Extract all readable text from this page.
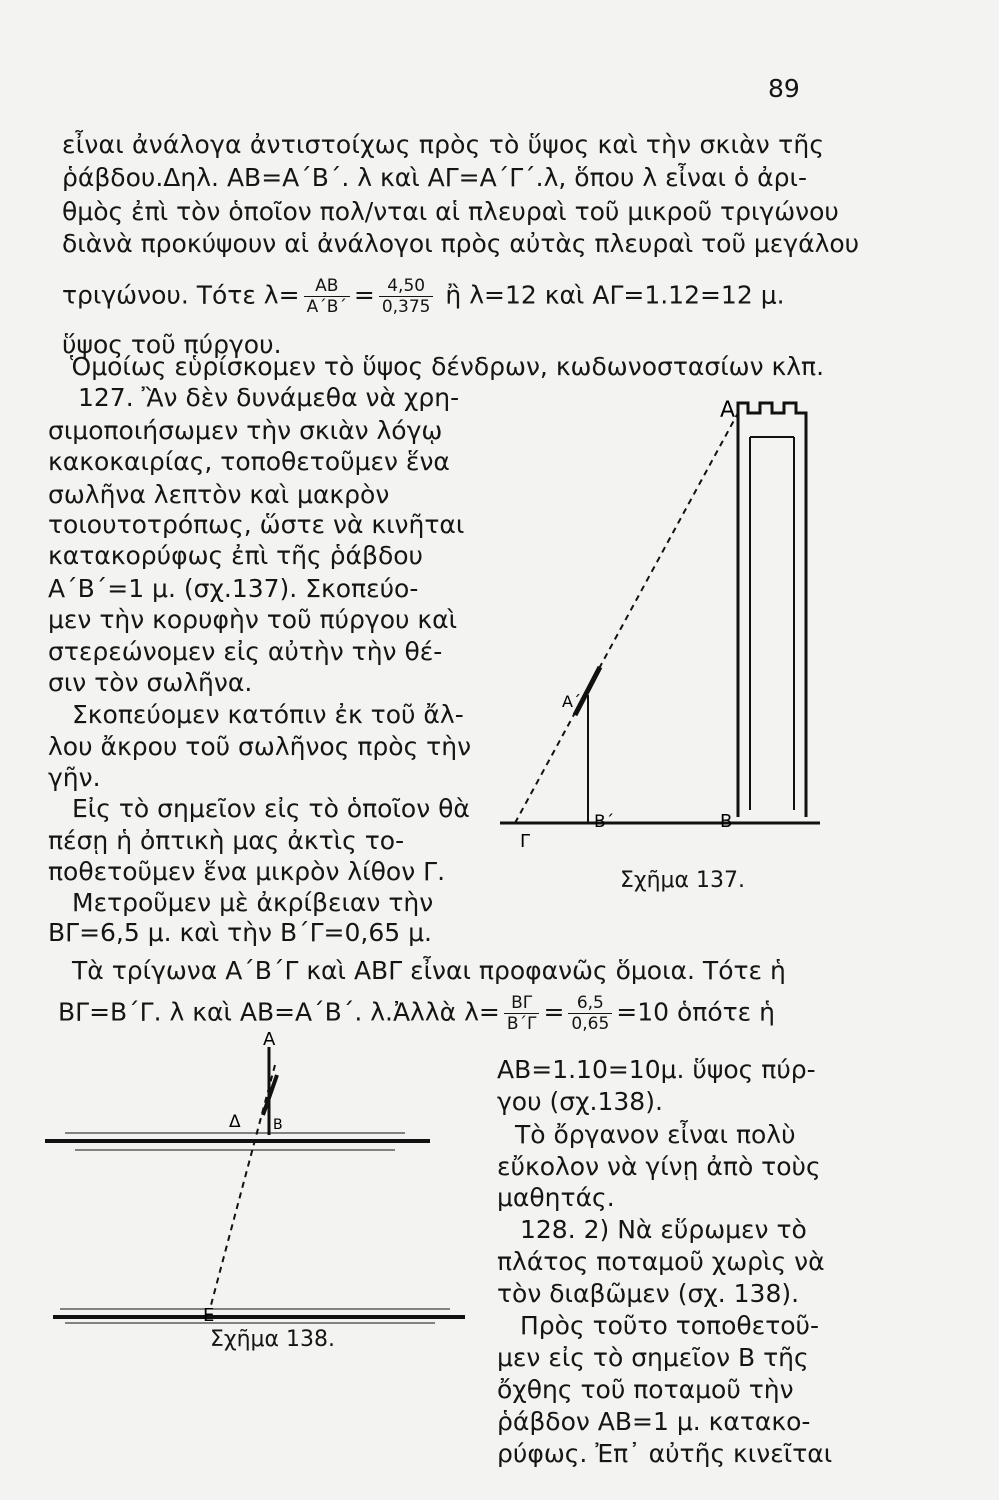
89
εἶναι ἀνάλογα ἀντιστοίχως πρὸς τὸ ὕψος καὶ τὴν σκιὰν τῆς
ῥάβδου.Δηλ. ΑΒ=Α΄Β΄. λ καὶ ΑΓ=Α΄Γ΄.λ, ὅπου λ εἶναι ὁ ἀρι-
θμὸς ἐπὶ τὸν ὁποῖον πολ/νται αἱ πλευραὶ τοῦ μικροῦ τριγώνου
διὰνὰ προκύψουν αἱ ἀνάλογοι πρὸς αὐτὰς πλευραὶ τοῦ μεγάλου
τριγώνου. Τότε $\lambda= \frac{AB}{A΄B΄} = \frac{4,50}{0,375}$ ἢ λ=12 καὶ ΑΓ=1.12=12 μ.
ὕψος τοῦ πύργου.
Ὁμοίως εὑρίσκομεν τὸ ὕψος δένδρων, κωδωνοστασίων κλπ.
127. Ἂν δὲν δυνάμεθα νὰ χρη-
σιμοποιήσωμεν τὴν σκιὰν λόγῳ
κακοκαιρίας, τοποθετοῦμεν ἕνα
σωλῆνα λεπτὸν καὶ μακρὸν
τοιουτοτρόπως, ὥστε νὰ κινῆται
κατακορύφως ἐπὶ τῆς ῥάβδου
Α΄Β΄=1 μ. (σχ.137). Σκοπεύο-
μεν τὴν κορυφὴν τοῦ πύργου καὶ
στερεώνομεν εἰς αὐτὴν τὴν θέ-
σιν τὸν σωλῆνα.
Σκοπεύομεν κατόπιν ἐκ τοῦ ἄλ-
λου ἄκρου τοῦ σωλῆνος πρὸς τὴν
γῆν.
Εἰς τὸ σημεῖον εἰς τὸ ὁποῖον θὰ
πέσῃ ἡ ὀπτικὴ μας ἀκτὶς το-
ποθετοῦμεν ἕνα μικρὸν λίθον Γ.
Μετροῦμεν μὲ ἀκρίβειαν τὴν
ΒΓ=6,5 μ. καὶ τὴν Β΄Γ=0,65 μ.
Τὰ τρίγωνα Α΄Β΄Γ καὶ ΑΒΓ εἶναι προφανῶς ὅμοια. Τότε ἡ
ΒΓ=Β΄Γ. λ καὶ ΑΒ=Α΄Β΄. λ.Ἀλλὰ $\lambda= \frac{B\Gamma}{B΄\Gamma} = \frac{6,5}{0,65} =10$ ὁπότε ἡ
ΑΒ=1.10=10μ. ὕψος πύρ-
γου (σχ.138).
Τὸ ὄργανον εἶναι πολὺ
εὔκολον νὰ γίνῃ ἀπὸ τοὺς
μαθητάς.
128. 2) Νὰ εὕρωμεν τὸ
πλάτος ποταμοῦ χωρὶς νὰ
τὸν διαβῶμεν (σχ. 138).
Πρὸς τοῦτο τοποθετοῦ-
μεν εἰς τὸ σημεῖον Β τῆς
ὄχθης τοῦ ποταμοῦ τὴν
ῥάβδον ΑΒ=1 μ. κατακο-
ρύφως. Ἐπ᾽ αὐτῆς κινεῖται
Α
Α΄
Β΄	Β
Γ
Σχῆμα 137.
Α
Δ Β
Ε
Σχῆμα 138.
